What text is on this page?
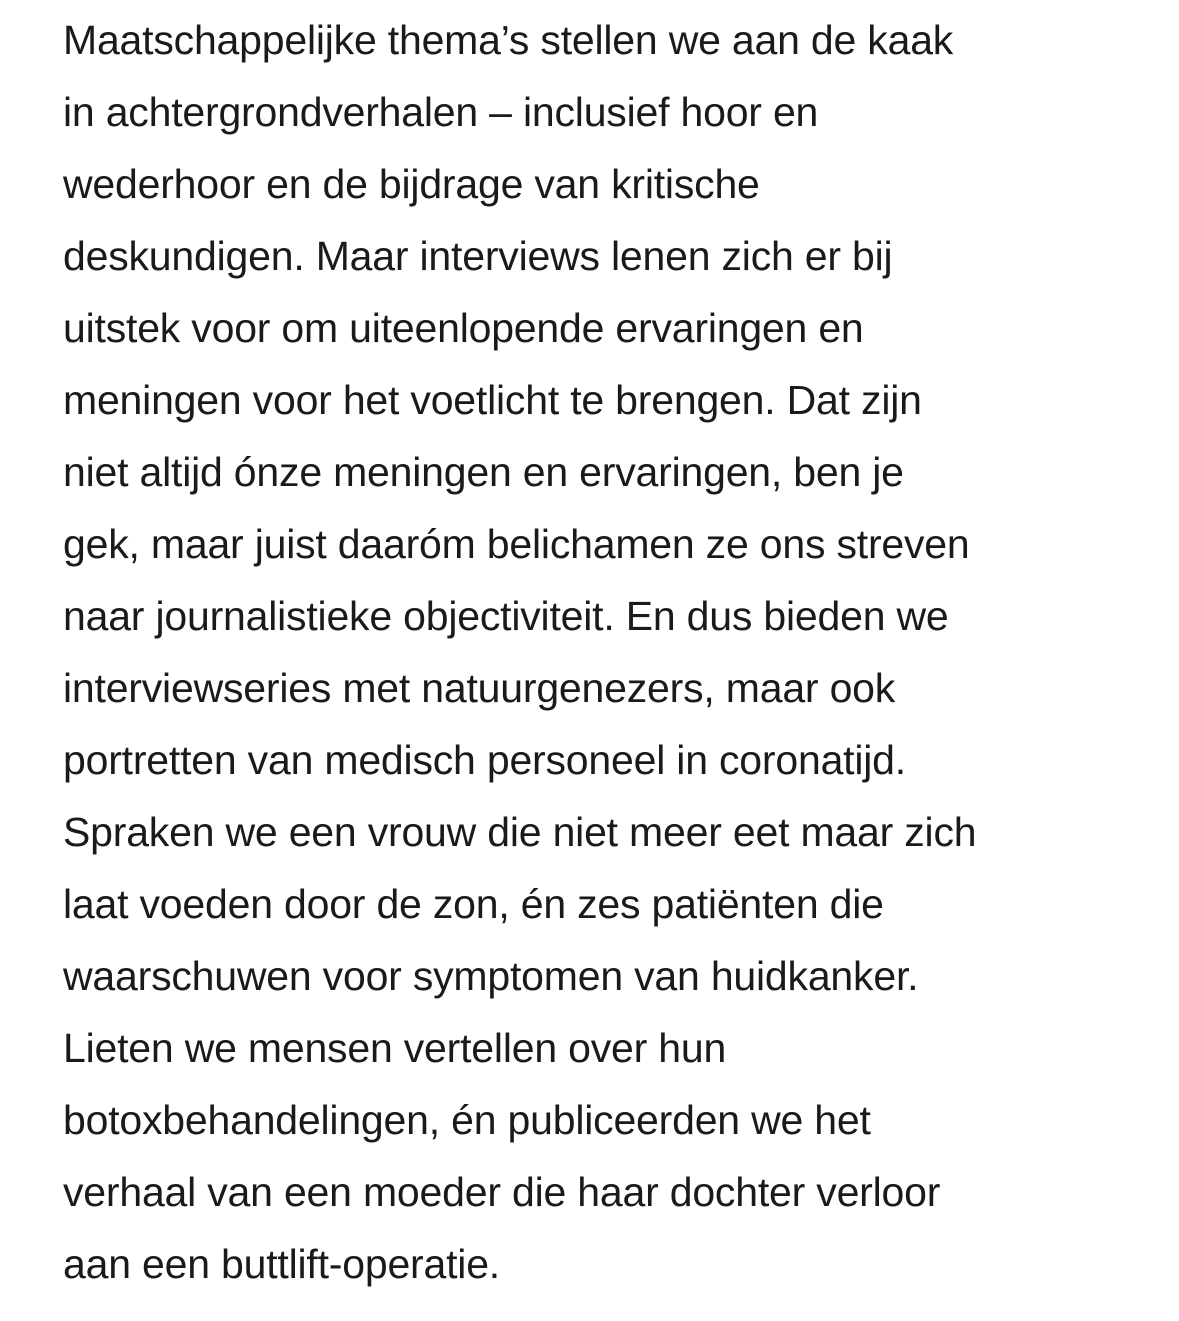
Maatschappelijke thema’s stellen we aan de kaak
in achtergrondverhalen – inclusief hoor en
wederhoor en de bijdrage van kritische
deskundigen. Maar interviews lenen zich er bij
uitstek voor om uiteenlopende ervaringen en
meningen voor het voetlicht te brengen. Dat zijn
niet altijd ónze meningen en ervaringen, ben je
gek, maar juist daaróm belichamen ze ons streven
naar journalistieke objectiviteit. En dus bieden we
interviewseries met natuurgenezers, maar ook
portretten van medisch personeel in coronatijd.
Spraken we een vrouw die niet meer eet maar zich
laat voeden door de zon, én zes patiënten die
waarschuwen voor symptomen van huidkanker.
Lieten we mensen vertellen over hun
botoxbehandelingen, én publiceerden we het
verhaal van een moeder die haar dochter verloor
aan een buttlift-operatie.
